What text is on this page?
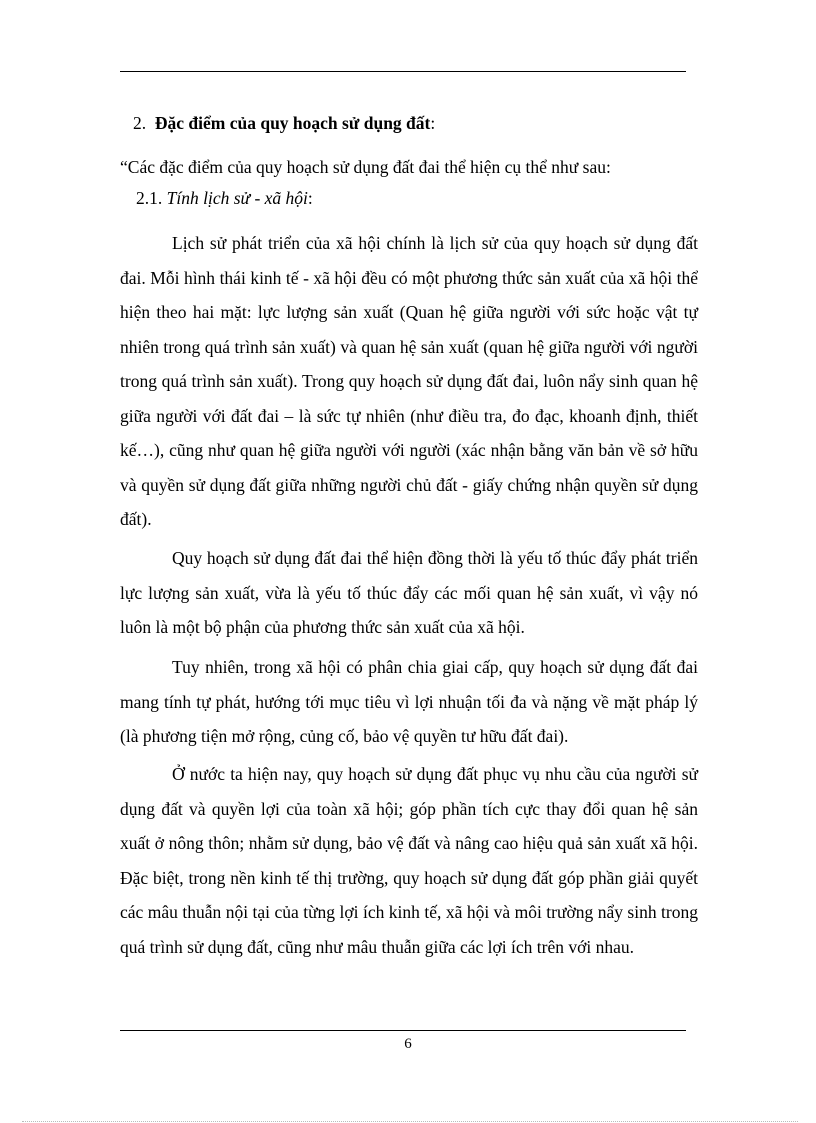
2. Đặc điểm của quy hoạch sử dụng đất:

“Các đặc điểm của quy hoạch sử dụng đất đai thể hiện cụ thể như sau:

2.1. Tính lịch sử - xã hội:

Lịch sử phát triển của xã hội chính là lịch sử của quy hoạch sử dụng đất đai. Mỗi hình thái kinh tế - xã hội đều có một phương thức sản xuất của xã hội thể hiện theo hai mặt: lực lượng sản xuất (Quan hệ giữa người với sức hoặc vật tự nhiên trong quá trình sản xuất) và quan hệ sản xuất (quan hệ giữa người với người trong quá trình sản xuất). Trong quy hoạch sử dụng đất đai, luôn nẩy sinh quan hệ giữa người với đất đai – là sức tự nhiên (như điều tra, đo đạc, khoanh định, thiết kế…), cũng như quan hệ giữa người với người (xác nhận bằng văn bản về sở hữu và quyền sử dụng đất giữa những người chủ đất - giấy chứng nhận quyền sử dụng đất).

Quy hoạch sử dụng đất đai thể hiện đồng thời là yếu tố thúc đẩy phát triển lực lượng sản xuất, vừa là yếu tố thúc đẩy các mối quan hệ sản xuất, vì vậy nó luôn là một bộ phận của phương thức sản xuất của xã hội.

Tuy nhiên, trong xã hội có phân chia giai cấp, quy hoạch sử dụng đất đai mang tính tự phát, hướng tới mục tiêu vì lợi nhuận tối đa và nặng về mặt pháp lý (là phương tiện mở rộng, củng cố, bảo vệ quyền tư hữu đất đai).

Ở nước ta hiện nay, quy hoạch sử dụng đất phục vụ nhu cầu của người sử dụng đất và quyền lợi của toàn xã hội; góp phần tích cực thay đổi quan hệ sản xuất ở nông thôn; nhằm sử dụng, bảo vệ đất và nâng cao hiệu quả sản xuất xã hội. Đặc biệt, trong nền kinh tế thị trường, quy hoạch sử dụng đất góp phần giải quyết các mâu thuẫn nội tại của từng lợi ích kinh tế, xã hội và môi trường nẩy sinh trong quá trình sử dụng đất, cũng như mâu thuẫn giữa các lợi ích trên với nhau.

6
